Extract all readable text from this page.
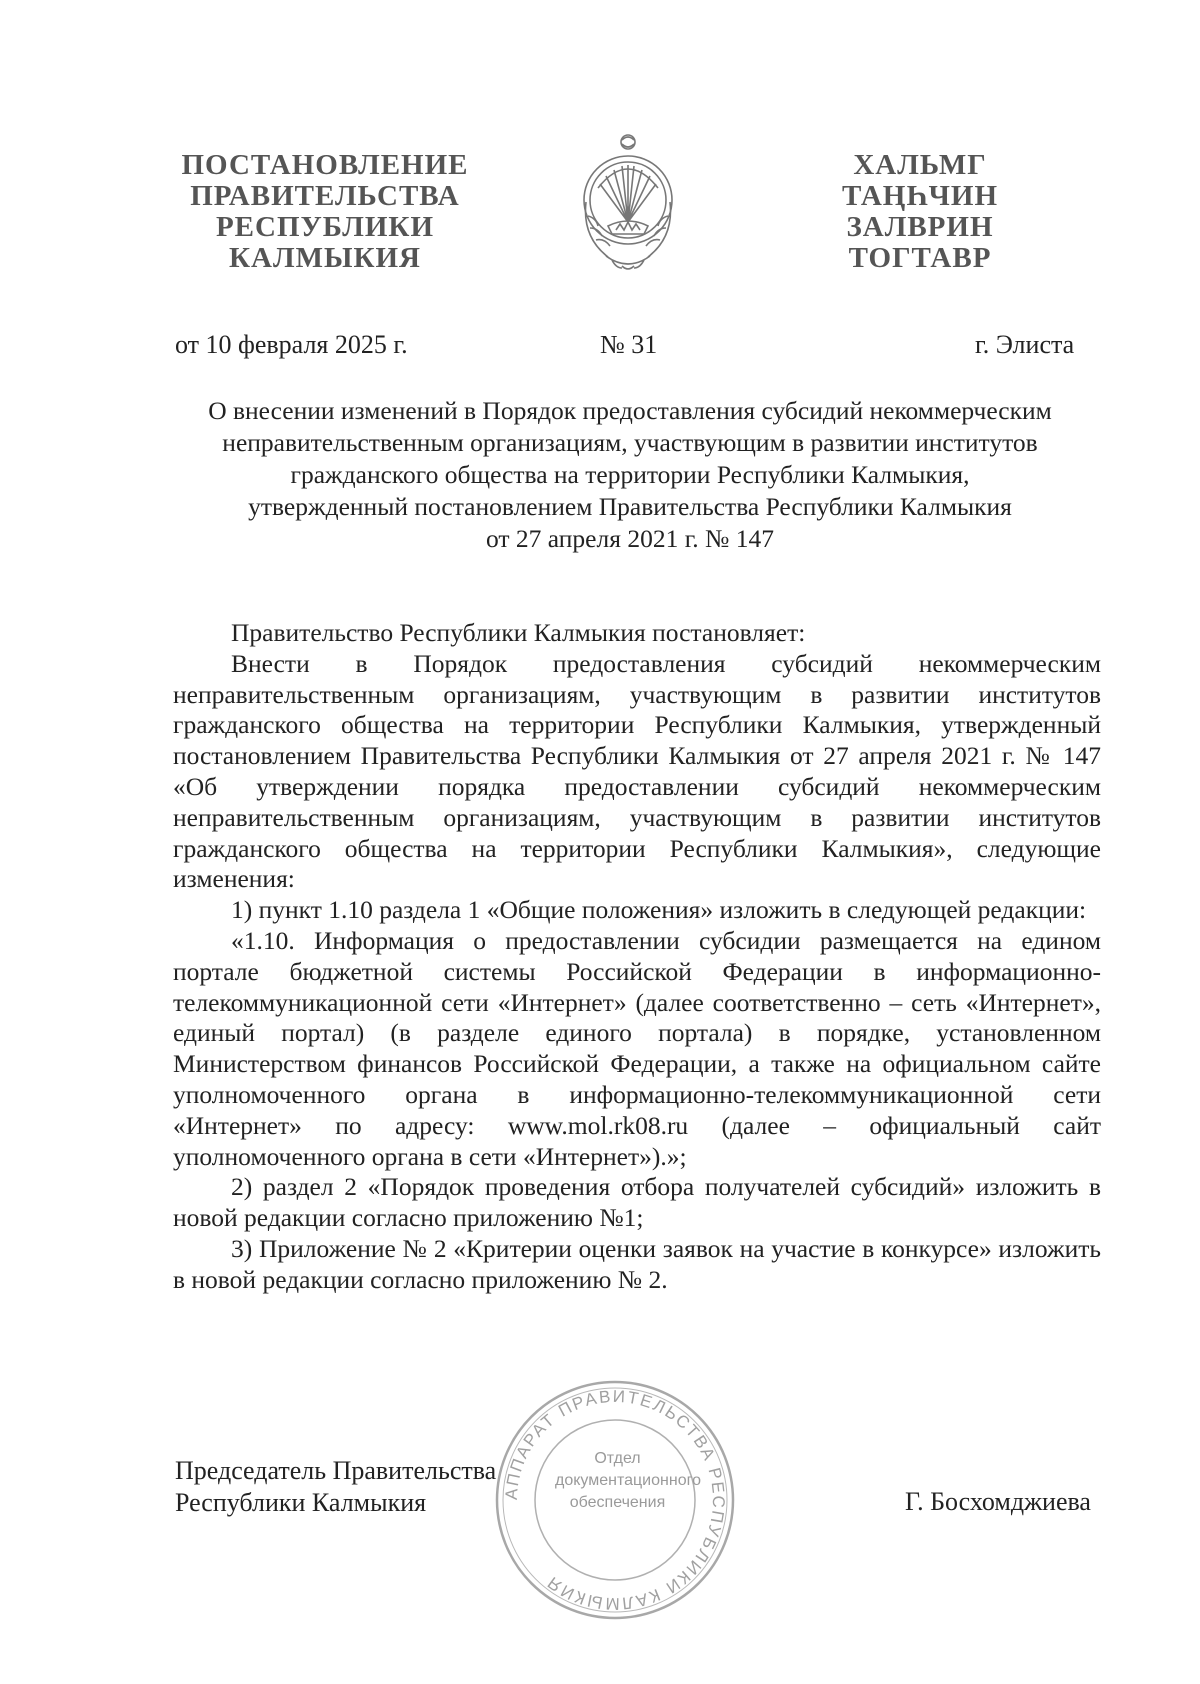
ПОСТАНОВЛЕНИЕ
ПРАВИТЕЛЬСТВА
РЕСПУБЛИКИ
КАЛМЫКИЯ
ХАЛЬМГ
ТАҢҺЧИН
ЗАЛВРИН
ТОГТАВР
от 10 февраля 2025 г.	№ 31	г. Элиста
О внесении изменений в Порядок предоставления субсидий некоммерческим
неправительственным организациям, участвующим в развитии институтов
гражданского общества на территории Республики Калмыкия,
утвержденный постановлением Правительства Республики Калмыкия
от 27 апреля 2021 г. № 147

Правительство Республики Калмыкия постановляет:

Внести в Порядок предоставления субсидий некоммерческим неправительственным организациям, участвующим в развитии институтов гражданского общества на территории Республики Калмыкия, утвержденный постановлением Правительства Республики Калмыкия от 27 апреля 2021 г. № 147 «Об утверждении порядка предоставлении субсидий некоммерческим неправительственным организациям, участвующим в развитии институтов гражданского общества на территории Республики Калмыкия», следующие изменения:

1) пункт 1.10 раздела 1 «Общие положения» изложить в следующей редакции:

«1.10. Информация о предоставлении субсидии размещается на едином портале бюджетной системы Российской Федерации в информационно-телекоммуникационной сети «Интернет» (далее соответственно – сеть «Интернет», единый портал) (в разделе единого портала) в порядке, установленном Министерством финансов Российской Федерации, а также на официальном сайте уполномоченного органа в информационно-телекоммуникационной сети «Интернет» по адресу: www.mol.rk08.ru (далее – официальный сайт уполномоченного органа в сети «Интернет»).»;

2) раздел 2 «Порядок проведения отбора получателей субсидий» изложить в новой редакции согласно приложению №1;

3) Приложение № 2 «Критерии оценки заявок на участие в конкурсе» изложить в новой редакции согласно приложению № 2.

АППАРАТ ПРАВИТЕЛЬСТВА РЕСПУБЛИКИ КАЛМЫКИЯ
Отдел
документационного
обеспечения
Председатель Правительства
Республики Калмыкия	Г. Босхомджиева
